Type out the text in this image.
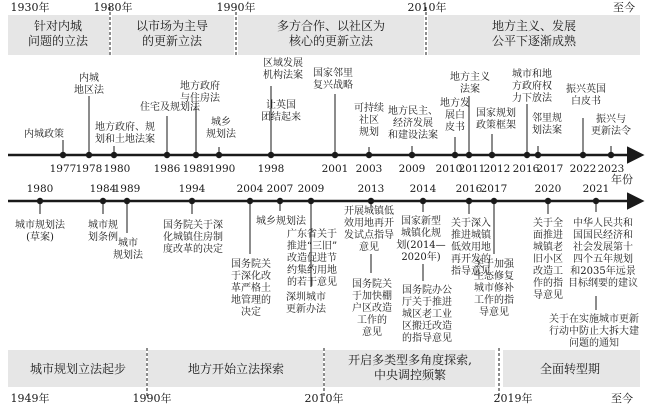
1930年	1980年	1990年	2010年	至今
针对内城问题的立法
以市场为主导的更新立法
多方合作、以社区为核心的更新立法
地方主义、发展公平下逐渐成熟
1977 1978 1980 1986 1989 1990 1998	2001 2003 2009 2010
2011
2012 2016
2017 2022 2023
内城政策
内城地区法
地方政府、规划和土地法案
住宅及规划法
地方政府与住房法
城乡规划法
区域发展机构法案
让英国团结起来
国家邻里复兴战略
可持续社区规划
地方民主、经济发展和建设法案
地方发展白皮书
地方主义法案
国家规划政策框架
城市和地方政府权力下放法
邻里规划法案
振兴英国白皮书
振兴与更新法令
年份
1980	1984
1989	1994	2004 2007 2009	2013 2014 2016
2017	2020 2021
城市规划法(草案)
城市规划条例
城市规划法
国务院关于深化城镇住房制度改革的决定
国务院关于深化改革严格土地管理的决定
城乡规划法
广东省关于推进“三旧”改造促进节约集约用地的若干意见
深圳城市更新办法
开展城镇低效用地再开发试点指导意见
国务院关于加快棚户区改造工作的意见
国家新型城镇化规划(2014— 2020年)
国务院办公厅关于推进城区老工业区搬迁改造的指导意见
关于深入推进城镇低效用地再开发的指导意见
关于加强生态修复城市修补工作的指导意见
关于全面推进城镇老旧小区改造工作的指导意见
中华人民共和国国民经济和社会发展第十四个五年规划和2035年远景目标纲要的建议
关于在实施城市更新行动中防止大拆大建问题的通知
城市规划立法起步	地方开始立法探索
开启多类型多角度探索,中央调控频繁	全面转型期
1949年	1990年	2010年	2019年	至今
